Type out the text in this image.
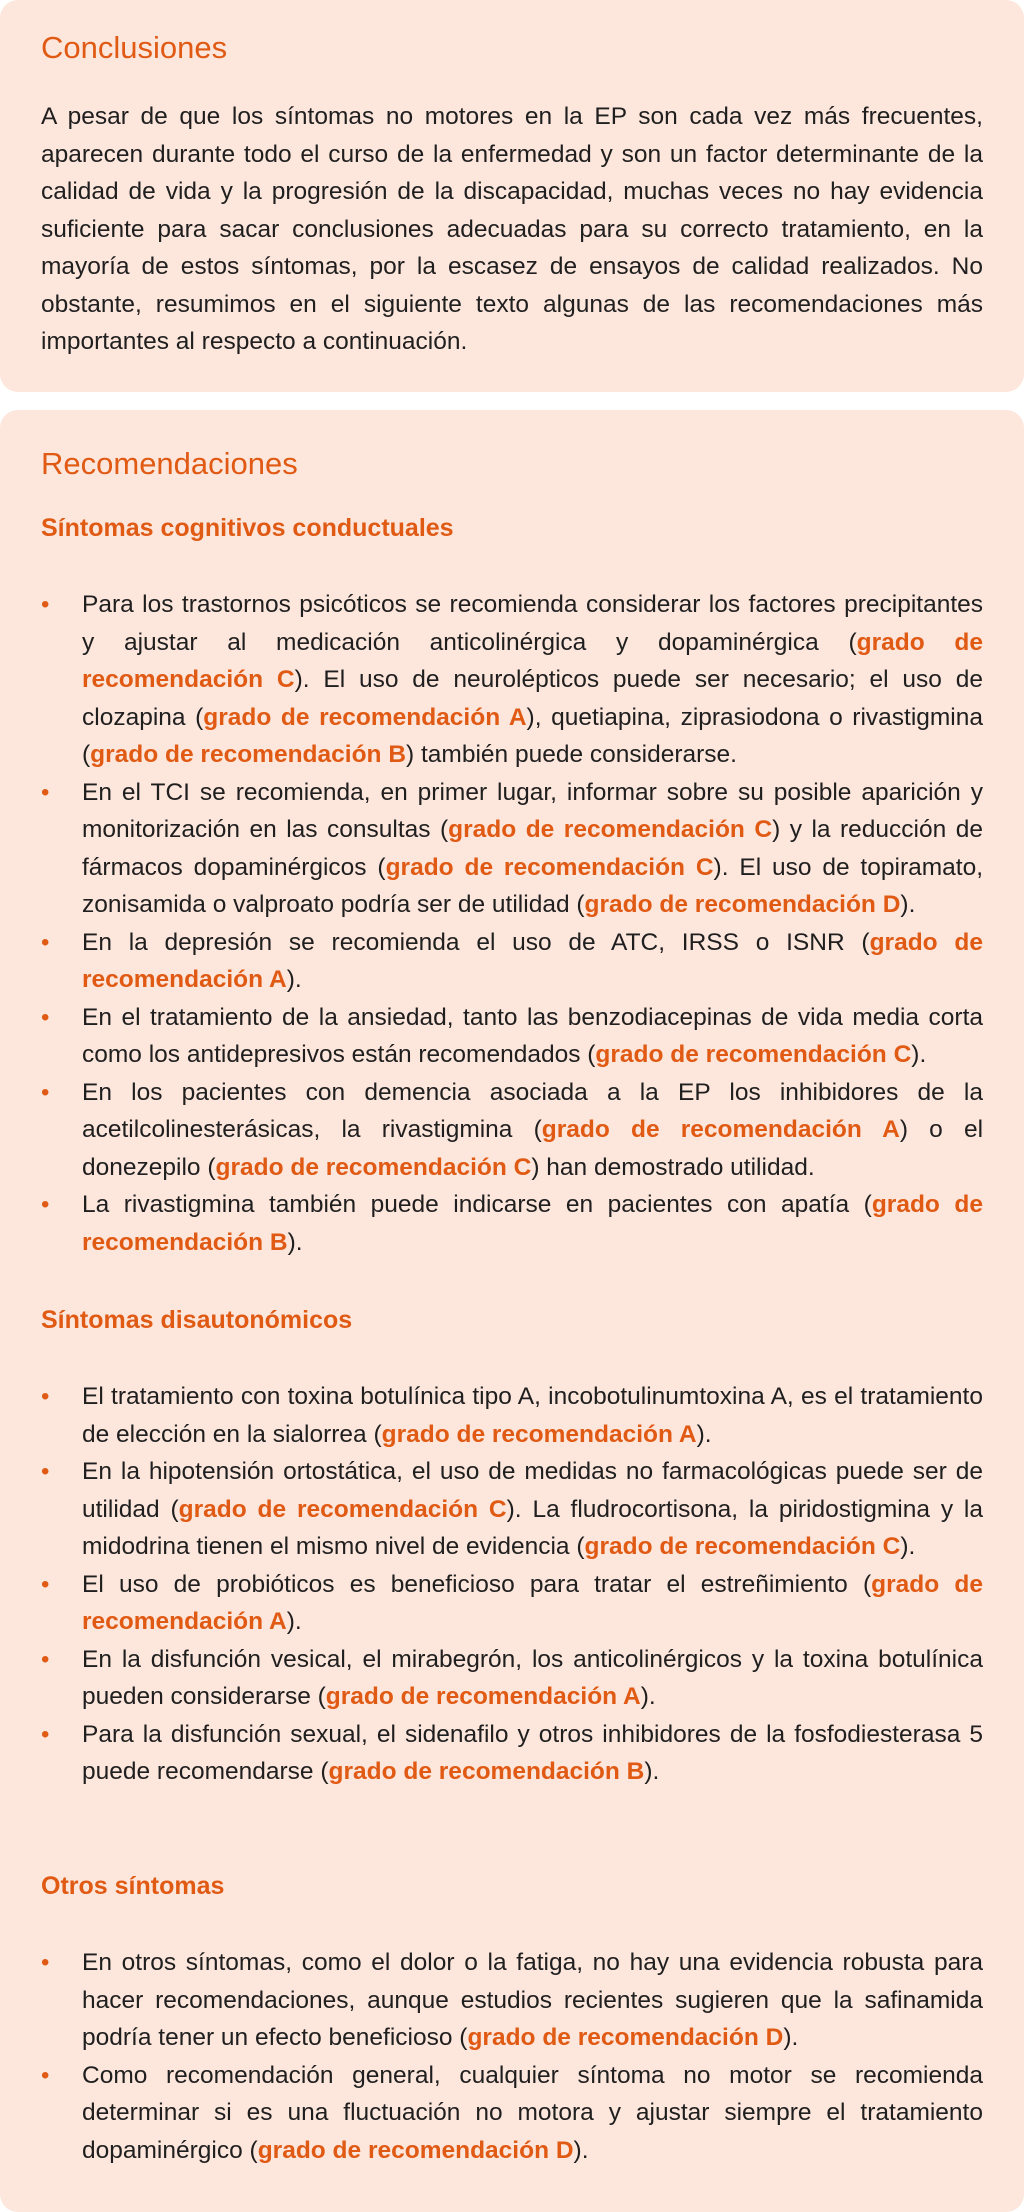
Conclusiones

A pesar de que los síntomas no motores en la EP son cada vez más frecuentes, aparecen durante todo el curso de la enfermedad y son un factor determinante de la calidad de vida y la progresión de la discapacidad, muchas veces no hay evidencia suficiente para sacar conclusiones adecuadas para su correcto tratamiento, en la mayoría de estos síntomas, por la escasez de ensayos de calidad realizados. No obstante, resumimos en el siguiente texto algunas de las recomendaciones más importantes al respecto a continuación.

Recomendaciones
Síntomas cognitivos conductuales
• Para los trastornos psicóticos se recomienda considerar los factores precipitantes y ajustar al medicación anticolinérgica y dopaminérgica (grado de recomendación C). El uso de neurolépticos puede ser necesario; el uso de clozapina (grado de recomendación A), quetiapina, ziprasiodona o rivastigmina (grado de recomendación B) también puede considerarse.
• En el TCI se recomienda, en primer lugar, informar sobre su posible aparición y monitorización en las consultas (grado de recomendación C) y la reducción de fármacos dopaminérgicos (grado de recomendación C). El uso de topiramato, zonisamida o valproato podría ser de utilidad (grado de recomendación D).
• En la depresión se recomienda el uso de ATC, IRSS o ISNR (grado de recomendación A).
• En el tratamiento de la ansiedad, tanto las benzodiacepinas de vida media corta como los antidepresivos están recomendados (grado de recomendación C).
• En los pacientes con demencia asociada a la EP los inhibidores de la acetilcolinesterásicas, la rivastigmina (grado de recomendación A) o el donezepilo (grado de recomendación C) han demostrado utilidad.
• La rivastigmina también puede indicarse en pacientes con apatía (grado de recomendación B).
Síntomas disautonómicos
• El tratamiento con toxina botulínica tipo A, incobotulinumtoxina A, es el tratamiento de elección en la sialorrea (grado de recomendación A).
• En la hipotensión ortostática, el uso de medidas no farmacológicas puede ser de utilidad (grado de recomendación C). La fludrocortisona, la piridostigmina y la midodrina tienen el mismo nivel de evidencia (grado de recomendación C).
• El uso de probióticos es beneficioso para tratar el estreñimiento (grado de recomendación A).
• En la disfunción vesical, el mirabegrón, los anticolinérgicos y la toxina botulínica pueden considerarse (grado de recomendación A).
• Para la disfunción sexual, el sidenafilo y otros inhibidores de la fosfodiesterasa 5 puede recomendarse (grado de recomendación B).
Otros síntomas
• En otros síntomas, como el dolor o la fatiga, no hay una evidencia robusta para hacer recomendaciones, aunque estudios recientes sugieren que la safinamida podría tener un efecto beneficioso (grado de recomendación D).
• Como recomendación general, cualquier síntoma no motor se recomienda determinar si es una fluctuación no motora y ajustar siempre el tratamiento dopaminérgico (grado de recomendación D).
